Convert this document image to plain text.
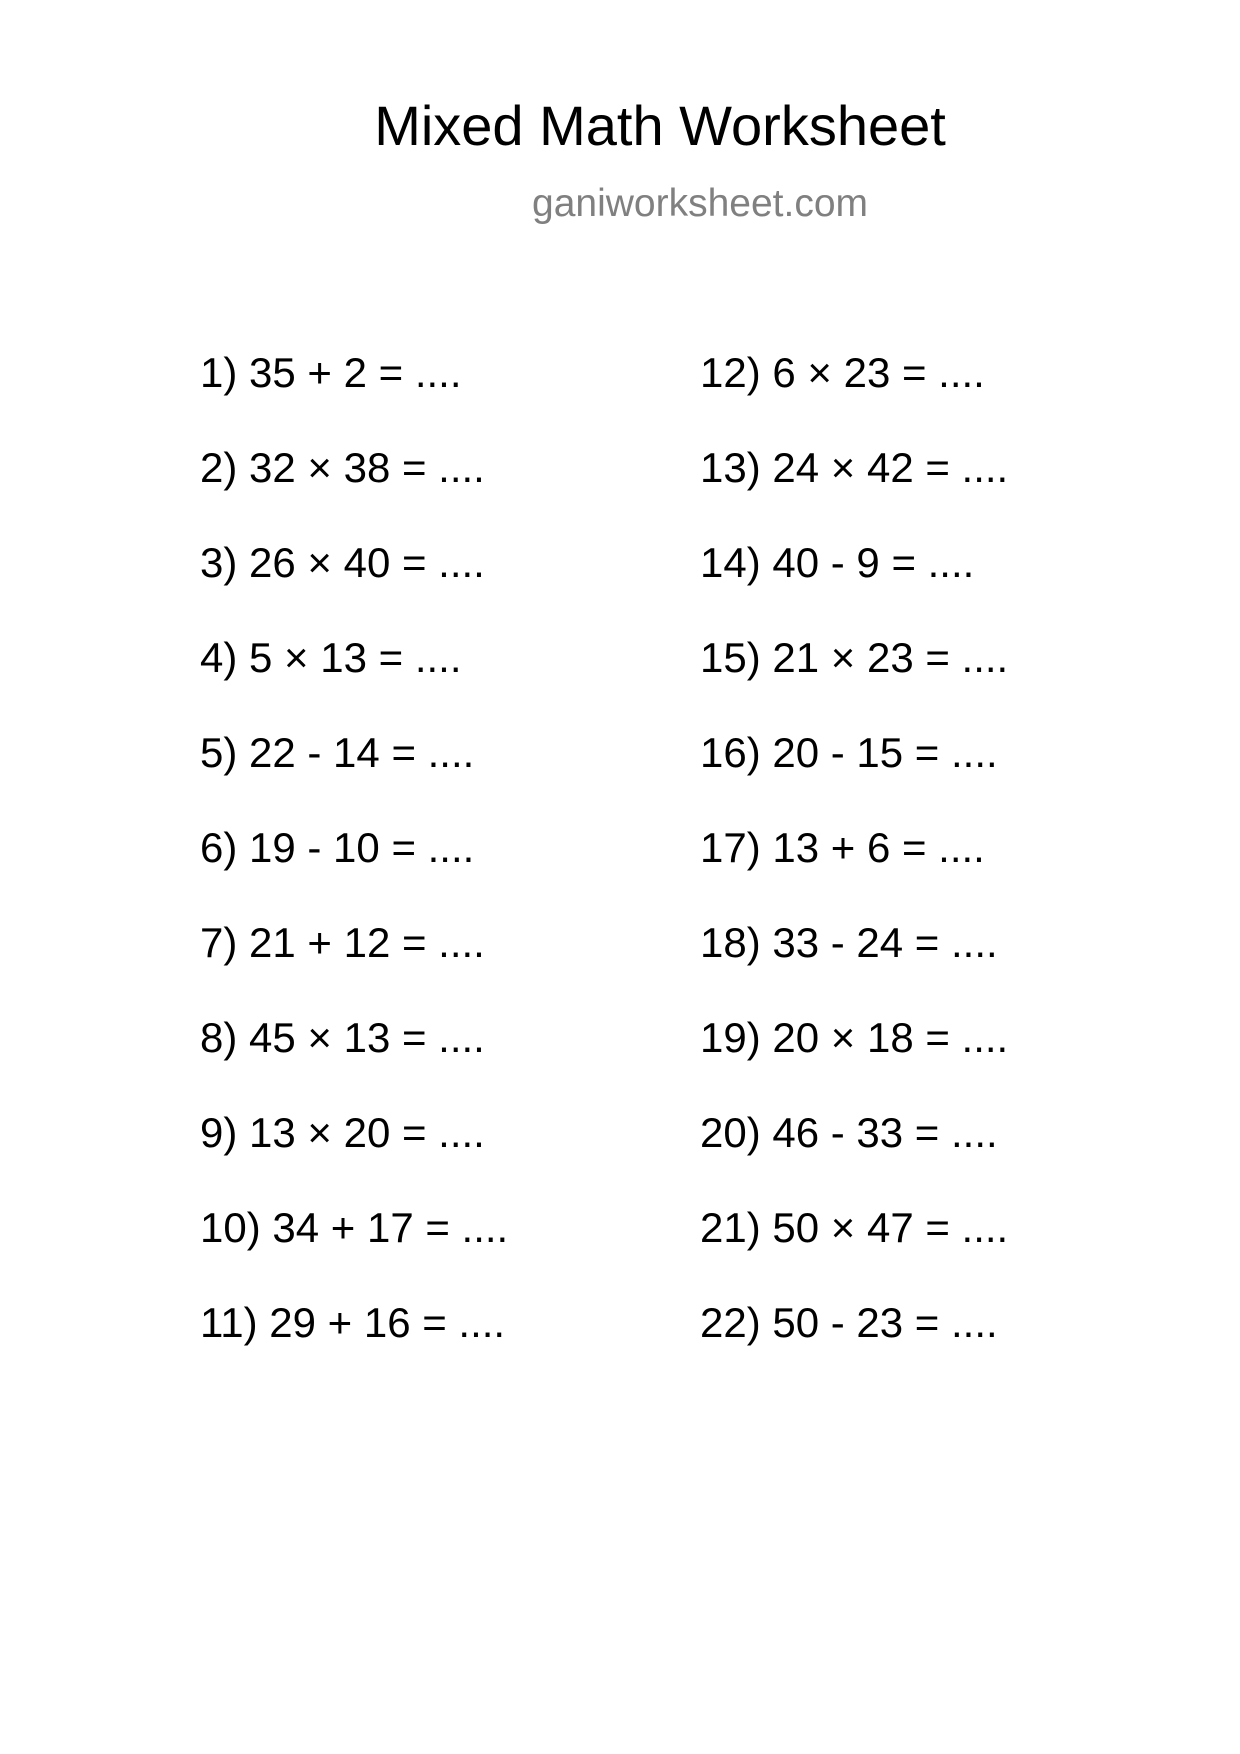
Mixed Math Worksheet
ganiworksheet.com
1) 35 + 2 = ....
2) 32 × 38 = ....
3) 26 × 40 = ....
4) 5 × 13 = ....
5) 22 - 14 = ....
6) 19 - 10 = ....
7) 21 + 12 = ....
8) 45 × 13 = ....
9) 13 × 20 = ....
10) 34 + 17 = ....
11) 29 + 16 = ....
12) 6 × 23 = ....
13) 24 × 42 = ....
14) 40 - 9 = ....
15) 21 × 23 = ....
16) 20 - 15 = ....
17) 13 + 6 = ....
18) 33 - 24 = ....
19) 20 × 18 = ....
20) 46 - 33 = ....
21) 50 × 47 = ....
22) 50 - 23 = ....
